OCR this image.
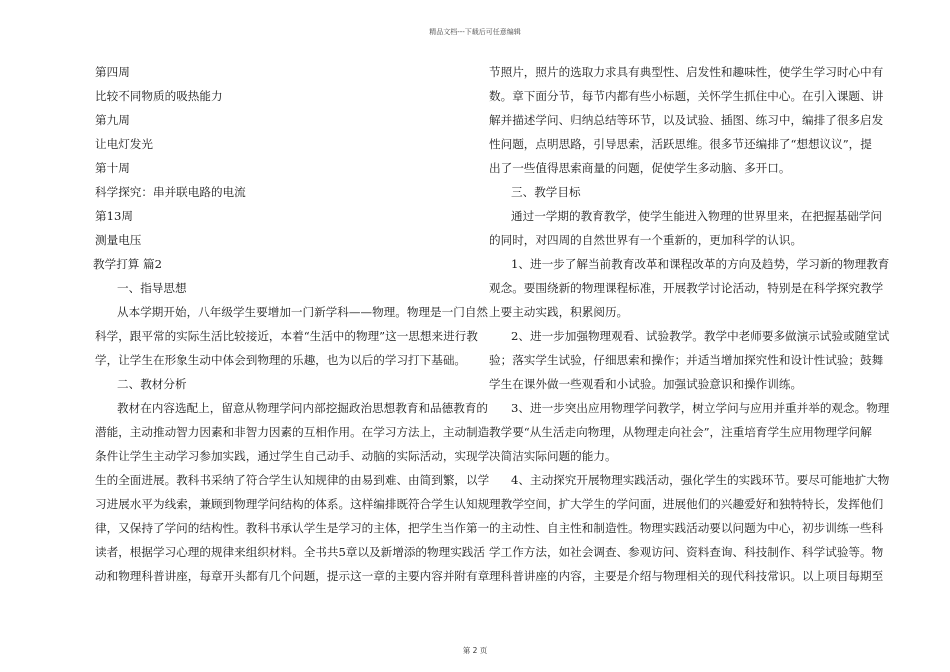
精品文档---下载后可任意编辑
第四周
比较不同物质的吸热能力
第九周
让电灯发光
第十周
科学探究：串并联电路的电流
第13周
测量电压
教学打算 篇2
一、指导思想
从本学期开始，八年级学生要增加一门新学科——物理。物理是一门自然
科学，跟平常的实际生活比较接近，本着“生活中的物理”这一思想来进行教
学，让学生在形象生动中体会到物理的乐趣，也为以后的学习打下基础。
二、教材分析
教材在内容选配上，留意从物理学问内部挖掘政治思想教育和品德教育的
潜能，主动推动智力因素和非智力因素的互相作用。在学习方法上，主动制造
条件让学生主动学习参加实践，通过学生自己动手、动脑的实际活动，实现学
生的全面进展。教科书采纳了符合学生认知规律的由易到难、由简到繁，以学
习进展水平为线索，兼顾到物理学问结构的体系。这样编排既符合学生认知规
律，又保持了学问的结构性。教科书承认学生是学习的主体，把学生当作第一
读者，根据学习心理的规律来组织材料。全书共5章以及新增添的物理实践活
动和物理科普讲座，每章开头都有几个问题，提示这一章的主要内容并附有章
节照片，照片的选取力求具有典型性、启发性和趣味性，使学生学习时心中有
数。章下面分节，每节内都有些小标题，关怀学生抓住中心。在引入课题、讲
解并描述学问、归纳总结等环节，以及试验、插图、练习中，编排了很多启发
性问题，点明思路，引导思索，活跃思维。很多节还编排了“想想议议”，提
出了一些值得思索商量的问题，促使学生多动脑、多开口。
三、教学目标
通过一学期的教育教学，使学生能进入物理的世界里来，在把握基础学问
的同时，对四周的自然世界有一个重新的，更加科学的认识。
1、进一步了解当前教育改革和课程改革的方向及趋势，学习新的物理教育
观念。要围绕新的物理课程标准，开展教学讨论活动，特别是在科学探究教学
上要主动实践，积累阅历。
2、进一步加强物理观看、试验教学。教学中老师要多做演示试验或随堂试
验；落实学生试验，仔细思索和操作；并适当增加探究性和设计性试验；鼓舞
学生在课外做一些观看和小试验。加强试验意识和操作训练。
3、进一步突出应用物理学问教学，树立学问与应用并重并举的观念。物理
教学要“从生活走向物理，从物理走向社会”，注重培育学生应用物理学问解
决简洁实际问题的能力。
4、主动探究开展物理实践活动，强化学生的实践环节。要尽可能地扩大物
理教学空间，扩大学生的学问面，进展他们的兴趣爱好和独特特长，发挥他们
的主动性、自主性和制造性。物理实践活动要以问题为中心，初步训练一些科
学工作方法，如社会调查、参观访问、资料查询、科技制作、科学试验等。物
理科普讲座的内容，主要是介绍与物理相关的现代科技常识。以上项目每期至
第 2 页
